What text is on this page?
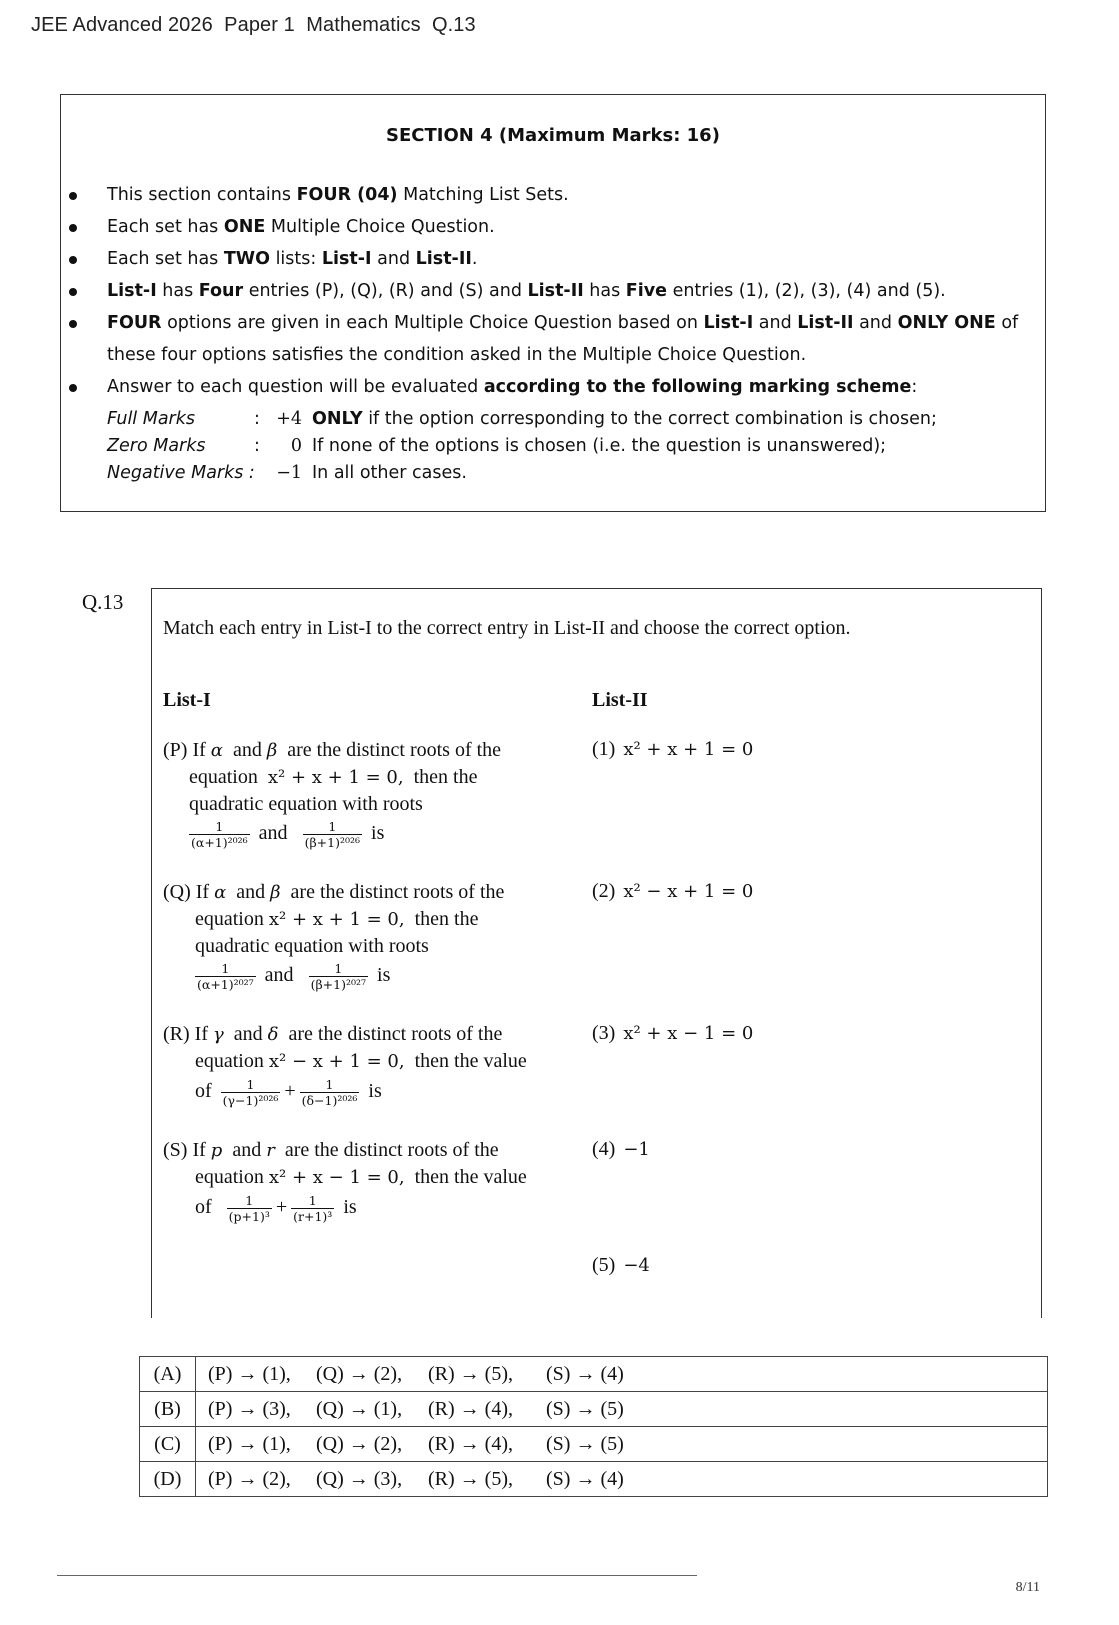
JEE Advanced 2026  Paper 1  Mathematics  Q.13
SECTION 4 (Maximum Marks: 16)
This section contains FOUR (04) Matching List Sets.
Each set has ONE Multiple Choice Question.
Each set has TWO lists: List-I and List-II.
List-I has Four entries (P), (Q), (R) and (S) and List-II has Five entries (1), (2), (3), (4) and (5).
FOUR options are given in each Multiple Choice Question based on List-I and List-II and ONLY ONE of these four options satisfies the condition asked in the Multiple Choice Question.
Answer to each question will be evaluated according to the following marking scheme:
Full Marks	: +4 ONLY if the option corresponding to the correct combination is chosen;
Zero Marks	:	0 If none of the options is chosen (i.e. the question is unanswered);
Negative Marks :	−1 In all other cases.
Q.13
Match each entry in List-I to the correct entry in List-II and choose the correct option.
List-I	List-II
(P) If α and β are the distinct roots of the
equation x² + x + 1 = 0, then the
quadratic equation with roots
$\frac{1}{\text{(α+1)²⁰²⁶}}$ and $\frac{1}{\text{(β+1)²⁰²⁶}}$ is
(Q) If α and β are the distinct roots of the
equation x² + x + 1 = 0, then the
quadratic equation with roots
$\frac{1}{\text{(α+1)²⁰²⁷}}$ and $\frac{1}{\text{(β+1)²⁰²⁷}}$ is
(R) If γ and δ are the distinct roots of the
equation x² − x + 1 = 0, then the value
of $\frac{1}{\text{(γ−1)²⁰²⁶}} + \frac{1}{\text{(δ−1)²⁰²⁶}}$ is
(S) If p and r are the distinct roots of the
equation x² + x − 1 = 0, then the value
of $\frac{1}{\text{(p+1)³}} + \frac{1}{\text{(r+1)³}}$ is
(1) x² + x + 1 = 0
(2) x² − x + 1 = 0
(3) x² + x − 1 = 0
(4) −1
(5) −4
(A)	(P) → (1), (Q) → (2), (R) → (5), (S) → (4)
(B)	(P) → (3), (Q) → (1), (R) → (4), (S) → (5)
(C)	(P) → (1), (Q) → (2), (R) → (4), (S) → (5)
(D)	(P) → (2), (Q) → (3), (R) → (5), (S) → (4)
8/11
